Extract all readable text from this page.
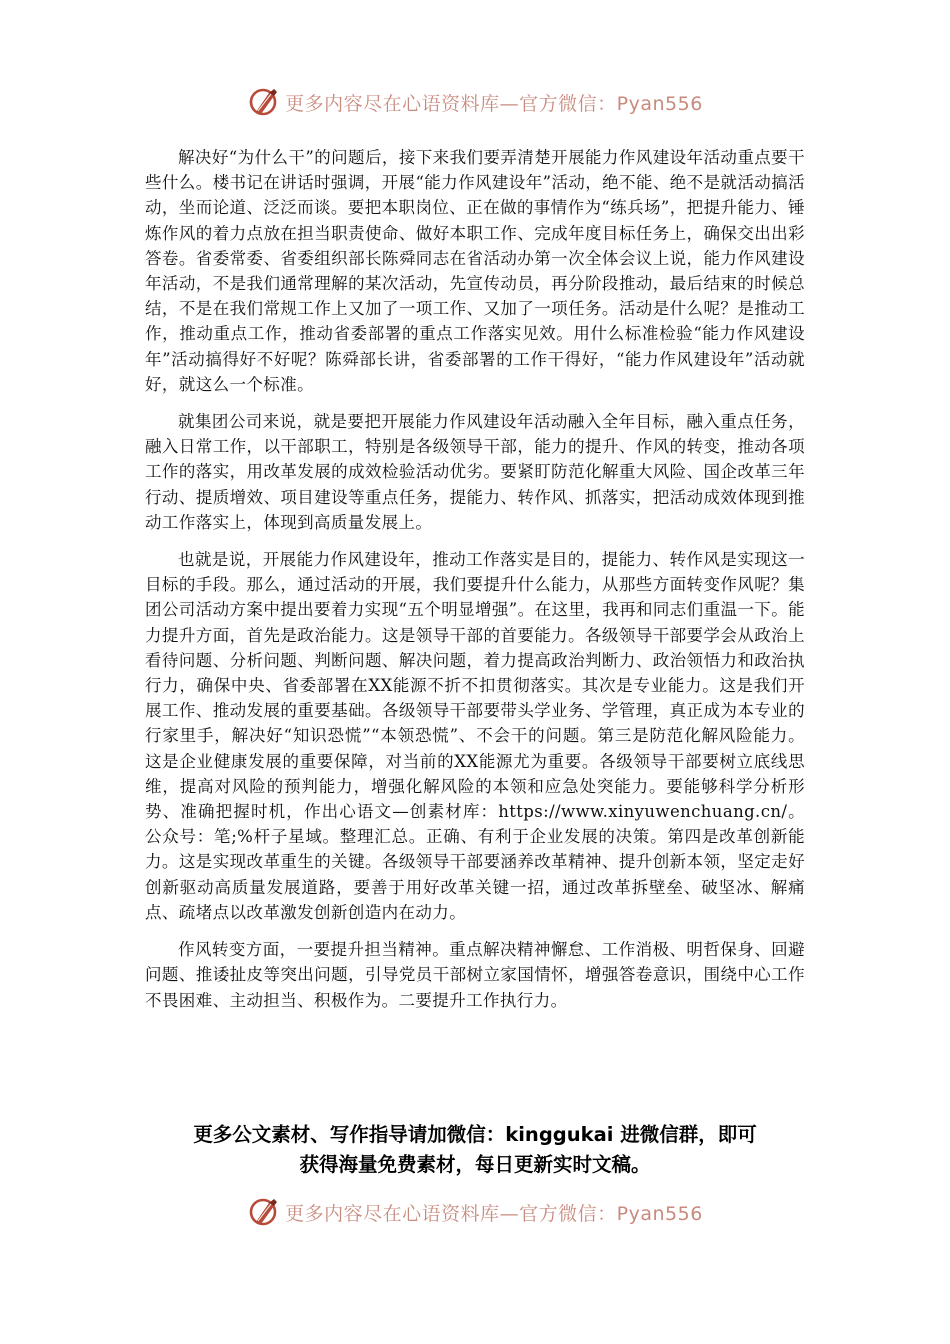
更多内容尽在心语资料库—官方微信：Pyan556

解决好“为什么干”的问题后，接下来我们要弄清楚开展能力作风建设年活动重点要干些什么。楼书记在讲话时强调，开展“能力作风建设年”活动，绝不能、绝不是就活动搞活动，坐而论道、泛泛而谈。要把本职岗位、正在做的事情作为“练兵场”，把提升能力、锤炼作风的着力点放在担当职责使命、做好本职工作、完成年度目标任务上，确保交出出彩答卷。省委常委、省委组织部长陈舜同志在省活动办第一次全体会议上说，能力作风建设年活动，不是我们通常理解的某次活动，先宣传动员，再分阶段推动，最后结束的时候总结，不是在我们常规工作上又加了一项工作、又加了一项任务。活动是什么呢？是推动工作，推动重点工作，推动省委部署的重点工作落实见效。用什么标准检验“能力作风建设年”活动搞得好不好呢？陈舜部长讲，省委部署的工作干得好，“能力作风建设年”活动就好，就这么一个标准。

就集团公司来说，就是要把开展能力作风建设年活动融入全年目标，融入重点任务，融入日常工作，以干部职工，特别是各级领导干部，能力的提升、作风的转变，推动各项工作的落实，用改革发展的成效检验活动优劣。要紧盯防范化解重大风险、国企改革三年行动、提质增效、项目建设等重点任务，提能力、转作风、抓落实，把活动成效体现到推动工作落实上，体现到高质量发展上。

也就是说，开展能力作风建设年，推动工作落实是目的，提能力、转作风是实现这一目标的手段。那么，通过活动的开展，我们要提升什么能力，从那些方面转变作风呢？集团公司活动方案中提出要着力实现“五个明显增强”。在这里，我再和同志们重温一下。能力提升方面，首先是政治能力。这是领导干部的首要能力。各级领导干部要学会从政治上看待问题、分析问题、判断问题、解决问题，着力提高政治判断力、政治领悟力和政治执行力，确保中央、省委部署在XX能源不折不扣贯彻落实。其次是专业能力。这是我们开展工作、推动发展的重要基础。各级领导干部要带头学业务、学管理，真正成为本专业的行家里手，解决好“知识恐慌”“本领恐慌”、不会干的问题。第三是防范化解风险能力。这是企业健康发展的重要保障，对当前的XX能源尤为重要。各级领导干部要树立底线思维，提高对风险的预判能力，增强化解风险的本领和应急处突能力。要能够科学分析形势、准确把握时机，作出心语文—创素材库：https://www.xinyuwenchuang.cn/。公众号：笔;%杆子星域。整理汇总。正确、有利于企业发展的决策。第四是改革创新能力。这是实现改革重生的关键。各级领导干部要涵养改革精神、提升创新本领，坚定走好创新驱动高质量发展道路，要善于用好改革关键一招，通过改革拆壁垒、破坚冰、解痛点、疏堵点以改革激发创新创造内在动力。

作风转变方面，一要提升担当精神。重点解决精神懈怠、工作消极、明哲保身、回避问题、推诿扯皮等突出问题，引导党员干部树立家国情怀，增强答卷意识，围绕中心工作不畏困难、主动担当、积极作为。二要提升工作执行力。

更多公文素材、写作指导请加微信：kinggukai 进微信群，即可
获得海量免费素材，每日更新实时文稿。
更多内容尽在心语资料库—官方微信：Pyan556
